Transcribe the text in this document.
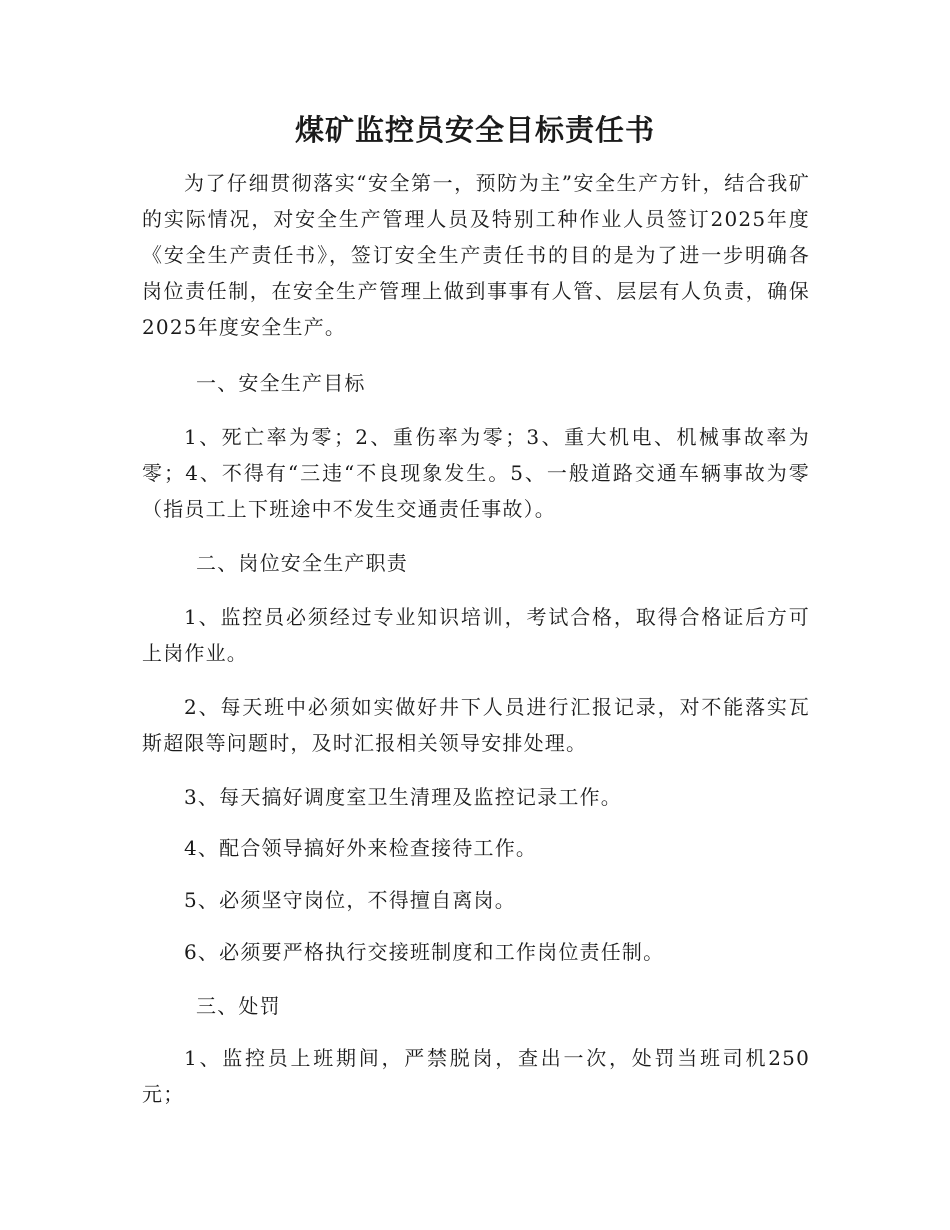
煤矿监控员安全目标责任书

为了仔细贯彻落实“安全第一，预防为主”安全生产方针，结合我矿的实际情况，对安全生产管理人员及特别工种作业人员签订2025年度《安全生产责任书》，签订安全生产责任书的目的是为了进一步明确各岗位责任制，在安全生产管理上做到事事有人管、层层有人负责，确保2025年度安全生产。

一、安全生产目标

1、死亡率为零；2、重伤率为零；3、重大机电、机械事故率为零；4、不得有“三违“不良现象发生。5、一般道路交通车辆事故为零（指员工上下班途中不发生交通责任事故）。

二、岗位安全生产职责

1、监控员必须经过专业知识培训，考试合格，取得合格证后方可上岗作业。

2、每天班中必须如实做好井下人员进行汇报记录，对不能落实瓦斯超限等问题时，及时汇报相关领导安排处理。

3、每天搞好调度室卫生清理及监控记录工作。

4、配合领导搞好外来检查接待工作。

5、必须坚守岗位，不得擅自离岗。

6、必须要严格执行交接班制度和工作岗位责任制。

三、处罚

1、监控员上班期间，严禁脱岗，查出一次，处罚当班司机250元；
